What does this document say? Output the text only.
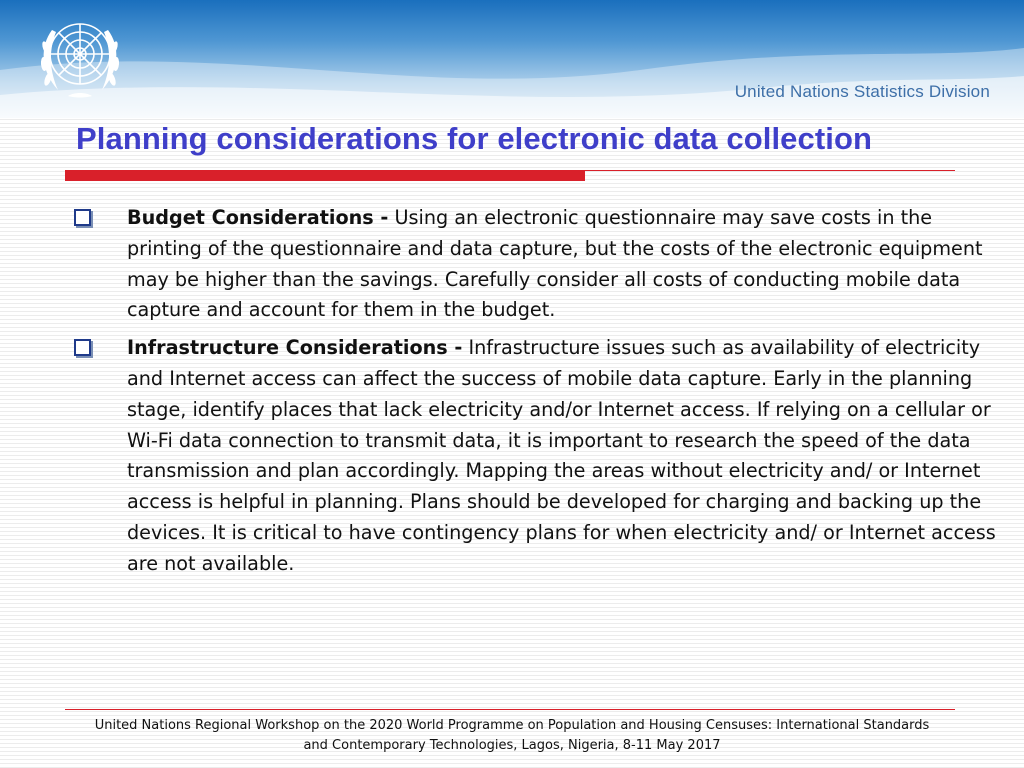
United Nations Statistics Division
Planning considerations for electronic data collection
Budget Considerations - Using an electronic questionnaire may save costs in the printing of the questionnaire and data capture, but the costs of the electronic equipment may be higher than the savings. Carefully consider all costs of conducting mobile data capture and account for them in the budget.
Infrastructure Considerations - Infrastructure issues such as availability of electricity and Internet access can affect the success of mobile data capture. Early in the planning stage, identify places that lack electricity and/or Internet access. If relying on a cellular or Wi-Fi data connection to transmit data, it is important to research the speed of the data transmission and plan accordingly. Mapping the areas without electricity and/ or Internet access is helpful in planning. Plans should be developed for charging and backing up the devices. It is critical to have contingency plans for when electricity and/ or Internet access are not available.
United Nations Regional Workshop on the 2020 World Programme on Population and Housing Censuses: International Standards
and Contemporary Technologies, Lagos, Nigeria, 8-11 May 2017
